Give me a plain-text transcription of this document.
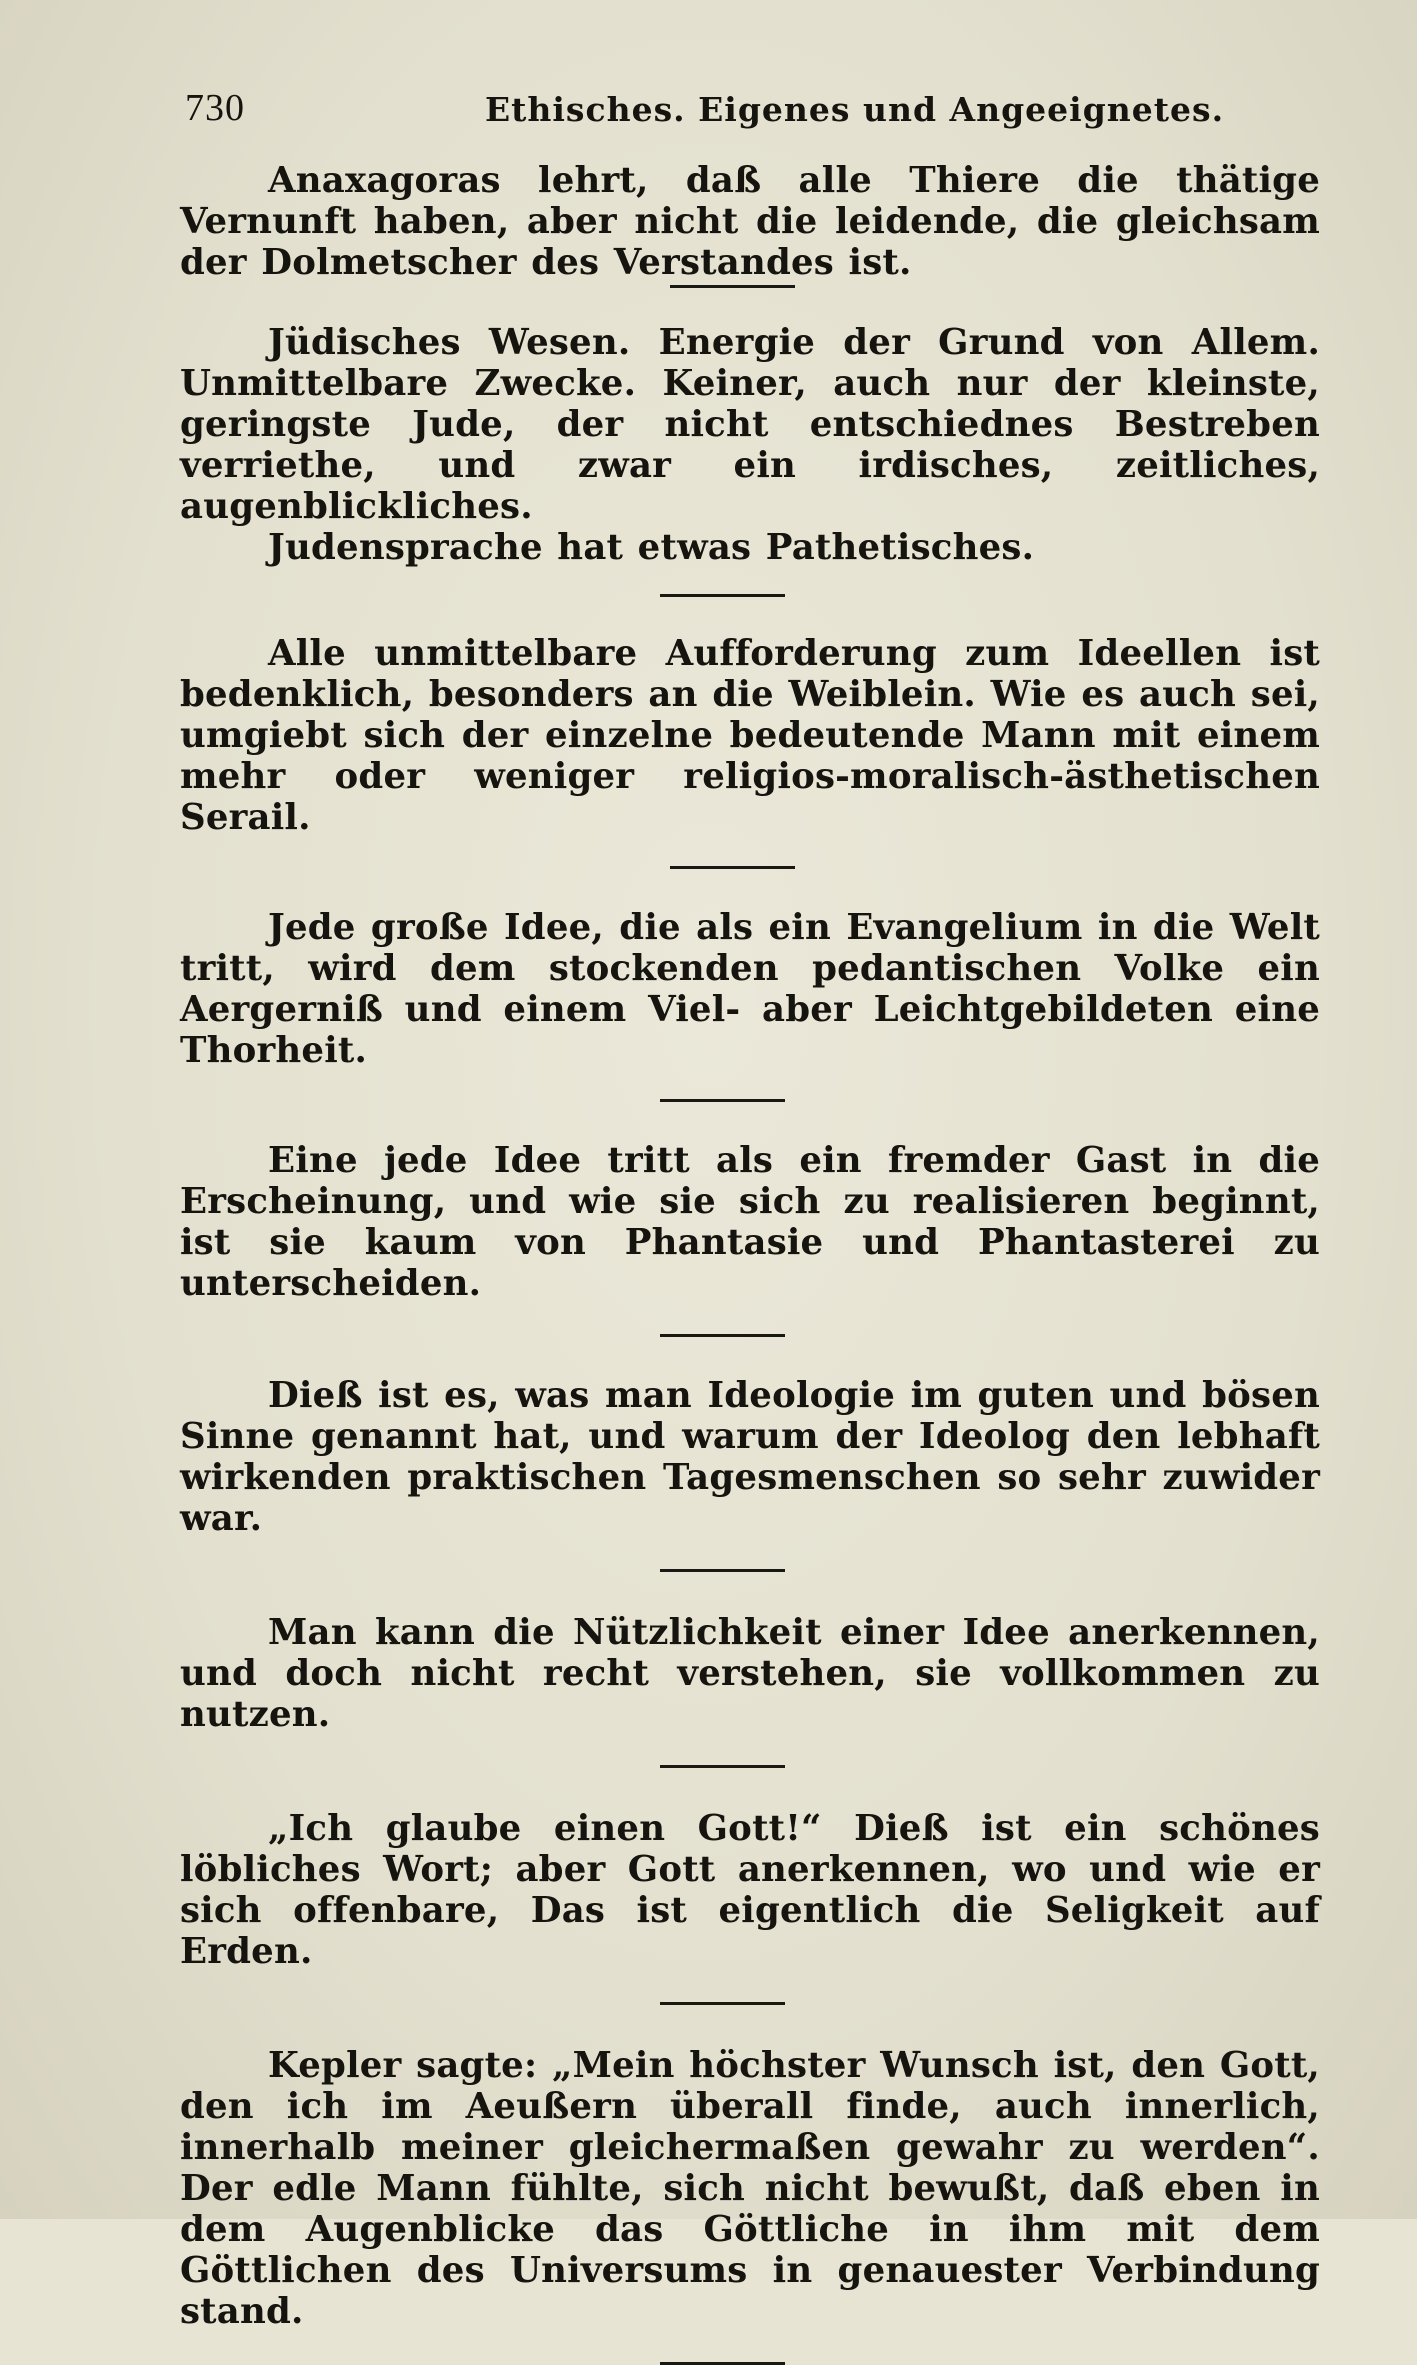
730	Ethisches. Eigenes und Angeeignetes.

Anaxagoras lehrt, daß alle Thiere die thätige Vernunft haben, aber nicht die leidende, die gleichsam der Dolmetscher des Verstandes ist.

Jüdisches Wesen. Energie der Grund von Allem. Unmittelbare Zwecke. Keiner, auch nur der kleinste, geringste Jude, der nicht entschiednes Bestreben verriethe, und zwar ein irdisches, zeitliches, augenblickliches.

Judensprache hat etwas Pathetisches.

Alle unmittelbare Aufforderung zum Ideellen ist bedenklich, besonders an die Weiblein. Wie es auch sei, umgiebt sich der einzelne bedeutende Mann mit einem mehr oder weniger religios-moralisch-ästhetischen Serail.

Jede große Idee, die als ein Evangelium in die Welt tritt, wird dem stockenden pedantischen Volke ein Aergerniß und einem Viel- aber Leichtgebildeten eine Thorheit.

Eine jede Idee tritt als ein fremder Gast in die Erscheinung, und wie sie sich zu realisieren beginnt, ist sie kaum von Phantasie und Phantasterei zu unterscheiden.

Dieß ist es, was man Ideologie im guten und bösen Sinne genannt hat, und warum der Ideolog den lebhaft wirkenden praktischen Tagesmenschen so sehr zuwider war.

Man kann die Nützlichkeit einer Idee anerkennen, und doch nicht recht verstehen, sie vollkommen zu nutzen.

„Ich glaube einen Gott!“ Dieß ist ein schönes löbliches Wort; aber Gott anerkennen, wo und wie er sich offenbare, Das ist eigentlich die Seligkeit auf Erden.

Kepler sagte: „Mein höchster Wunsch ist, den Gott, den ich im Aeußern überall finde, auch innerlich, innerhalb meiner gleichermaßen gewahr zu werden“. Der edle Mann fühlte, sich nicht bewußt, daß eben in dem Augenblicke das Göttliche in ihm mit dem Göttlichen des Universums in genauester Verbindung stand.
